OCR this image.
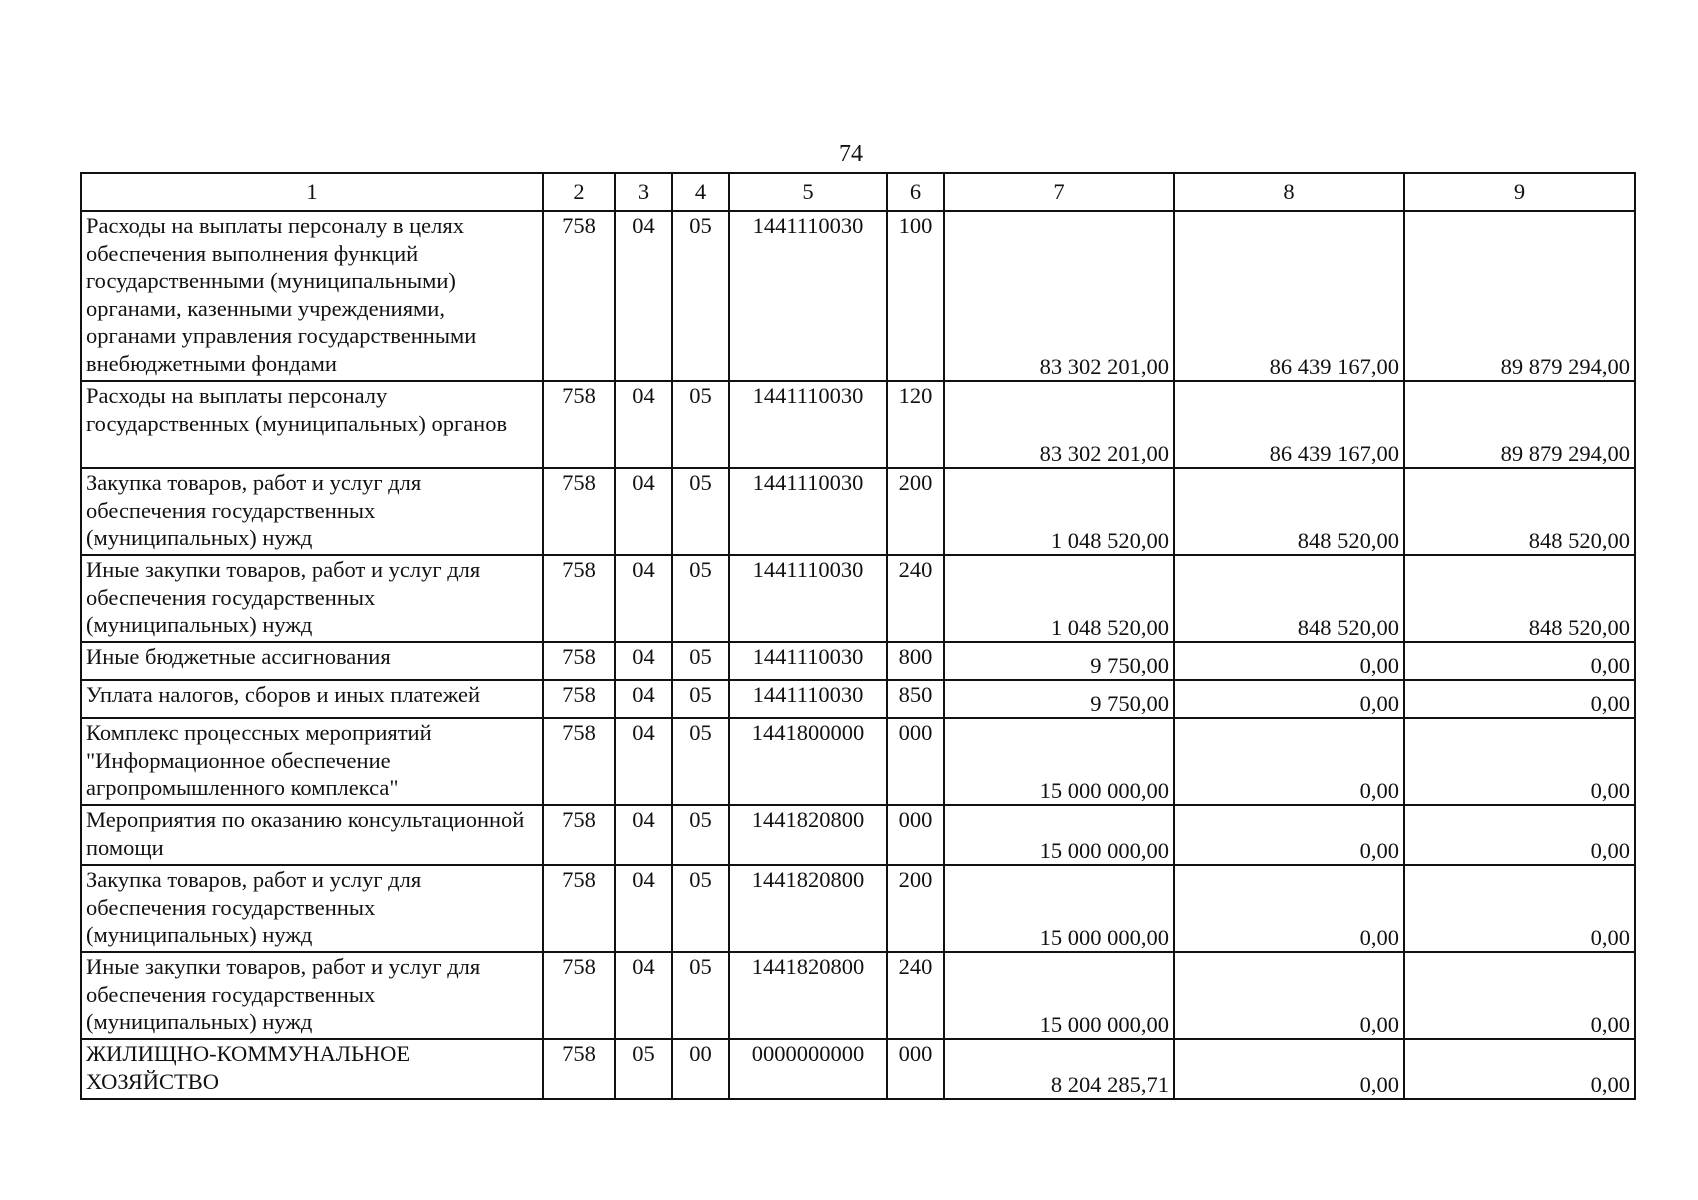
74
1	2	3	4	5	6	7	8	9
Расходы на выплаты персоналу в целях обеспечения выполнения функций государственными (муниципальными) органами, казенными учреждениями, органами управления государственными внебюджетными фондами	758	04	05	1441110030	100	83 302 201,00	86 439 167,00	89 879 294,00
Расходы на выплаты персоналу государственных (муниципальных) органов	758	04	05	1441110030	120	83 302 201,00	86 439 167,00	89 879 294,00
Закупка товаров, работ и услуг для обеспечения государственных (муниципальных) нужд	758	04	05	1441110030	200	1 048 520,00	848 520,00	848 520,00
Иные закупки товаров, работ и услуг для обеспечения государственных (муниципальных) нужд	758	04	05	1441110030	240	1 048 520,00	848 520,00	848 520,00
Иные бюджетные ассигнования	758	04	05	1441110030	800	9 750,00	0,00	0,00
Уплата налогов, сборов и иных платежей	758	04	05	1441110030	850	9 750,00	0,00	0,00
Комплекс процессных мероприятий "Информационное обеспечение агропромышленного комплекса"	758	04	05	1441800000	000	15 000 000,00	0,00	0,00
Мероприятия по оказанию консультационной помощи	758	04	05	1441820800	000	15 000 000,00	0,00	0,00
Закупка товаров, работ и услуг для обеспечения государственных (муниципальных) нужд	758	04	05	1441820800	200	15 000 000,00	0,00	0,00
Иные закупки товаров, работ и услуг для обеспечения государственных (муниципальных) нужд	758	04	05	1441820800	240	15 000 000,00	0,00	0,00
ЖИЛИЩНО-КОММУНАЛЬНОЕ ХОЗЯЙСТВО	758	05	00	0000000000	000	8 204 285,71	0,00	0,00
